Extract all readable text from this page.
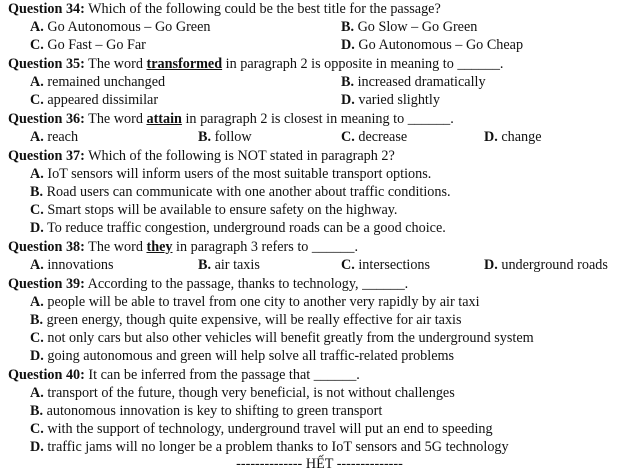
Question 34: Which of the following could be the best title for the passage?
A. Go Autonomous – Go Green	B. Go Slow – Go Green
C. Go Fast – Go Far	D. Go Autonomous – Go Cheap
Question 35: The word transformed in paragraph 2 is opposite in meaning to ______.
A. remained unchanged	B. increased dramatically
C. appeared dissimilar	D. varied slightly
Question 36: The word attain in paragraph 2 is closest in meaning to ______.
A. reach	B. follow	C. decrease	D. change
Question 37: Which of the following is NOT stated in paragraph 2?
A. IoT sensors will inform users of the most suitable transport options.
B. Road users can communicate with one another about traffic conditions.
C. Smart stops will be available to ensure safety on the highway.
D. To reduce traffic congestion, underground roads can be a good choice.
Question 38: The word they in paragraph 3 refers to ______.
A. innovations	B. air taxis	C. intersections	D. underground roads
Question 39: According to the passage, thanks to technology, ______.
A. people will be able to travel from one city to another very rapidly by air taxi
B. green energy, though quite expensive, will be really effective for air taxis
C. not only cars but also other vehicles will benefit greatly from the underground system
D. going autonomous and green will help solve all traffic-related problems
Question 40: It can be inferred from the passage that ______.
A. transport of the future, though very beneficial, is not without challenges
B. autonomous innovation is key to shifting to green transport
C. with the support of technology, underground travel will put an end to speeding
D. traffic jams will no longer be a problem thanks to IoT sensors and 5G technology
-------------- HẾT --------------
